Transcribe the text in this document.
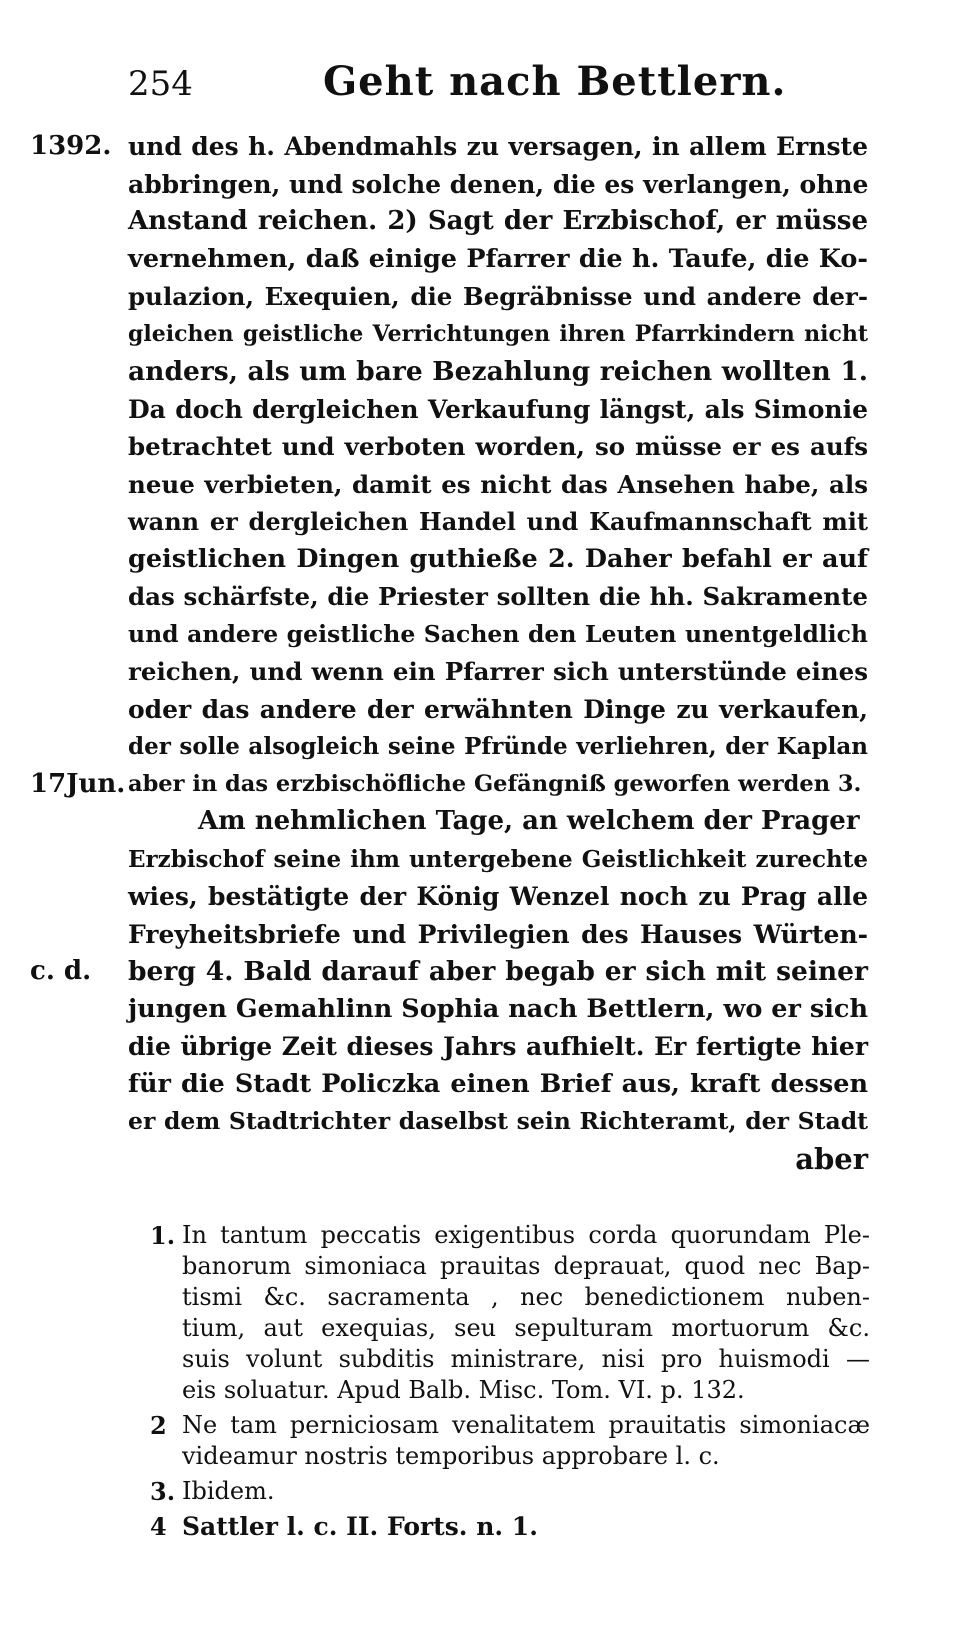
254	Geht nach Bettlern.
1392. und des h. Abendmahls zu versagen, in allem Ernste
abbringen, und solche denen, die es verlangen, ohne
Anstand reichen. 2) Sagt der Erzbischof, er müsse
vernehmen, daß einige Pfarrer die h. Taufe, die Ko-
pulazion, Exequien, die Begräbnisse und andere der-
gleichen geistliche Verrichtungen ihren Pfarrkindern nicht
anders, als um bare Bezahlung reichen wollten 1.
Da doch dergleichen Verkaufung längst, als Simonie
betrachtet und verboten worden, so müsse er es aufs
neue verbieten, damit es nicht das Ansehen habe, als
wann er dergleichen Handel und Kaufmannschaft mit
geistlichen Dingen guthieße 2. Daher befahl er auf
das schärfste, die Priester sollten die hh. Sakramente
und andere geistliche Sachen den Leuten unentgeldlich
reichen, und wenn ein Pfarrer sich unterstünde eines
oder das andere der erwähnten Dinge zu verkaufen,
der solle alsogleich seine Pfründe verliehren, der Kaplan
17Jun. aber in das erzbischöfliche Gefängniß geworfen werden 3.
Am nehmlichen Tage, an welchem der Prager
Erzbischof seine ihm untergebene Geistlichkeit zurechte
wies, bestätigte der König Wenzel noch zu Prag alle
Freyheitsbriefe und Privilegien des Hauses Würten-
c. d. berg 4. Bald darauf aber begab er sich mit seiner
jungen Gemahlinn Sophia nach Bettlern, wo er sich
die übrige Zeit dieses Jahrs aufhielt. Er fertigte hier
für die Stadt Policzka einen Brief aus, kraft dessen
er dem Stadtrichter daselbst sein Richteramt, der Stadt
aber
1. In tantum peccatis exigentibus corda quorundam Ple-
banorum simoniaca prauitas deprauat, quod nec Bap-
tismi &c. sacramenta , nec benedictionem nuben-
tium, aut exequias, seu sepulturam mortuorum &c.
suis volunt subditis ministrare, nisi pro huismodi —
eis soluatur. Apud Balb. Misc. Tom. VI. p. 132.
2 Ne tam perniciosam venalitatem prauitatis simoniacæ
videamur nostris temporibus approbare l. c.
3. Ibidem.
4 Sattler l. c. II. Forts. n. 1.
